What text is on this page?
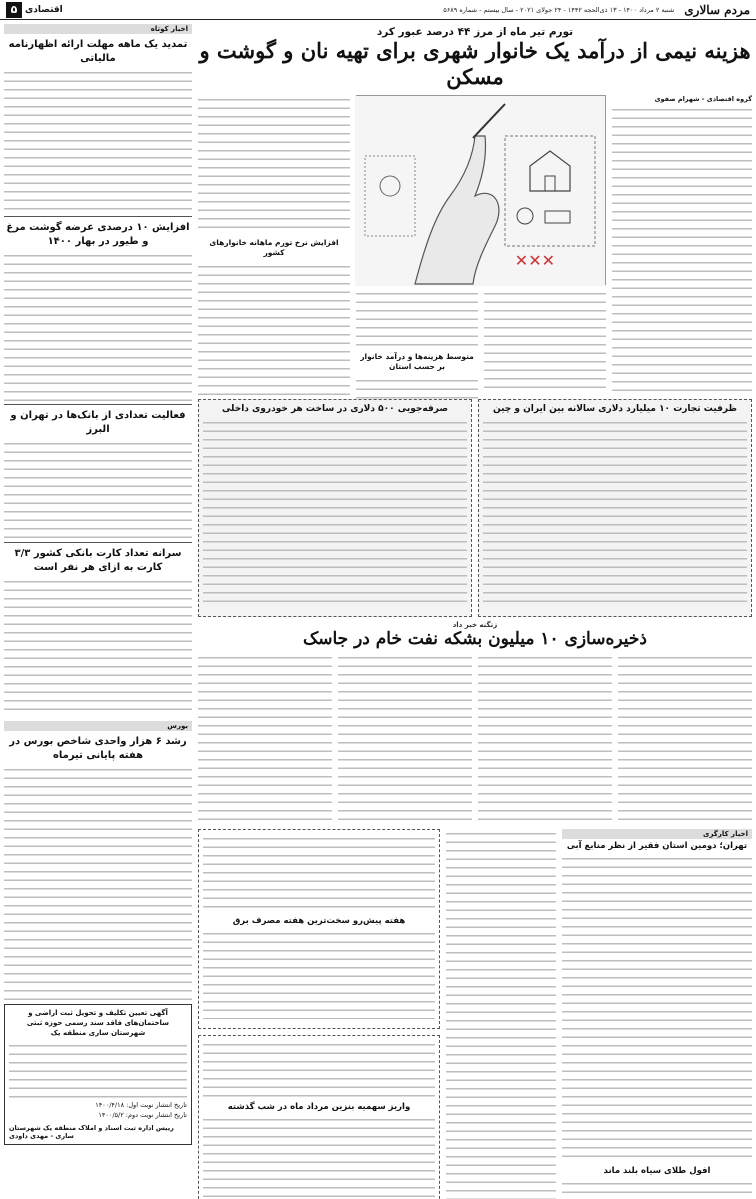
مردم سالاری
شنبه ۲ مرداد ۱۴۰۰ - ۱۳ ذی‌الحجه ۱۴۴۲ - ۲۴ جولای ۲۰۲۱ - سال بیستم - شماره ۵۶۸۹
اقتصادی
۵
تورم تیر ماه از مرز ۴۴ درصد عبور کرد
هزینه نیمی از درآمد یک خانوار شهری برای تهیه نان و گوشت و مسکن
گروه اقتصادی - شهرام صفوی
✕✕✕
متوسط هزینه‌ها و درآمد خانوار بر حسب استان
افزایش نرخ تورم ماهانه خانوارهای کشور
ظرفیت تجارت ۱۰ میلیارد دلاری سالانه بین ایران و چین
صرفه‌جویی ۵۰۰ دلاری در ساخت هر خودروی داخلی
زنگنه خبر داد
ذخیره‌سازی ۱۰ میلیون بشکه نفت خام در جاسک
اخبار کارگری
تهران؛ دومین استان فقیر از نظر منابع آبی
افول طلای سیاه بلند ماند
هفته پیش‌رو سخت‌ترین هفته مصرف برق
واریز سهمیه بنزین مرداد ماه در شب گذشته
اخبار کوتاه
تمدید یک ماهه مهلت ارائه اظهارنامه مالیاتی
افزایش ۱۰ درصدی عرضه گوشت مرغ و طیور در بهار ۱۴۰۰
فعالیت تعدادی از بانک‌ها در تهران و البرز
سرانه تعداد کارت بانکی کشور ۳/۳ کارت به ازای هر نفر است
بورس
رشد ۶ هزار واحدی شاخص بورس در هفته پایانی تیرماه
آگهی تعیین تکلیف و تحویل ثبت اراضی و ساختمان‌های فاقد سند رسمی حوزه ثبتی شهرستان ساری منطقه یک
تاریخ انتشار نوبت اول: ۱۴۰۰/۴/۱۸
تاریخ انتشار نوبت دوم: ۱۴۰۰/۵/۲
رییس اداره ثبت اسناد و املاک منطقه یک شهرستان ساری - مهدی داودی
